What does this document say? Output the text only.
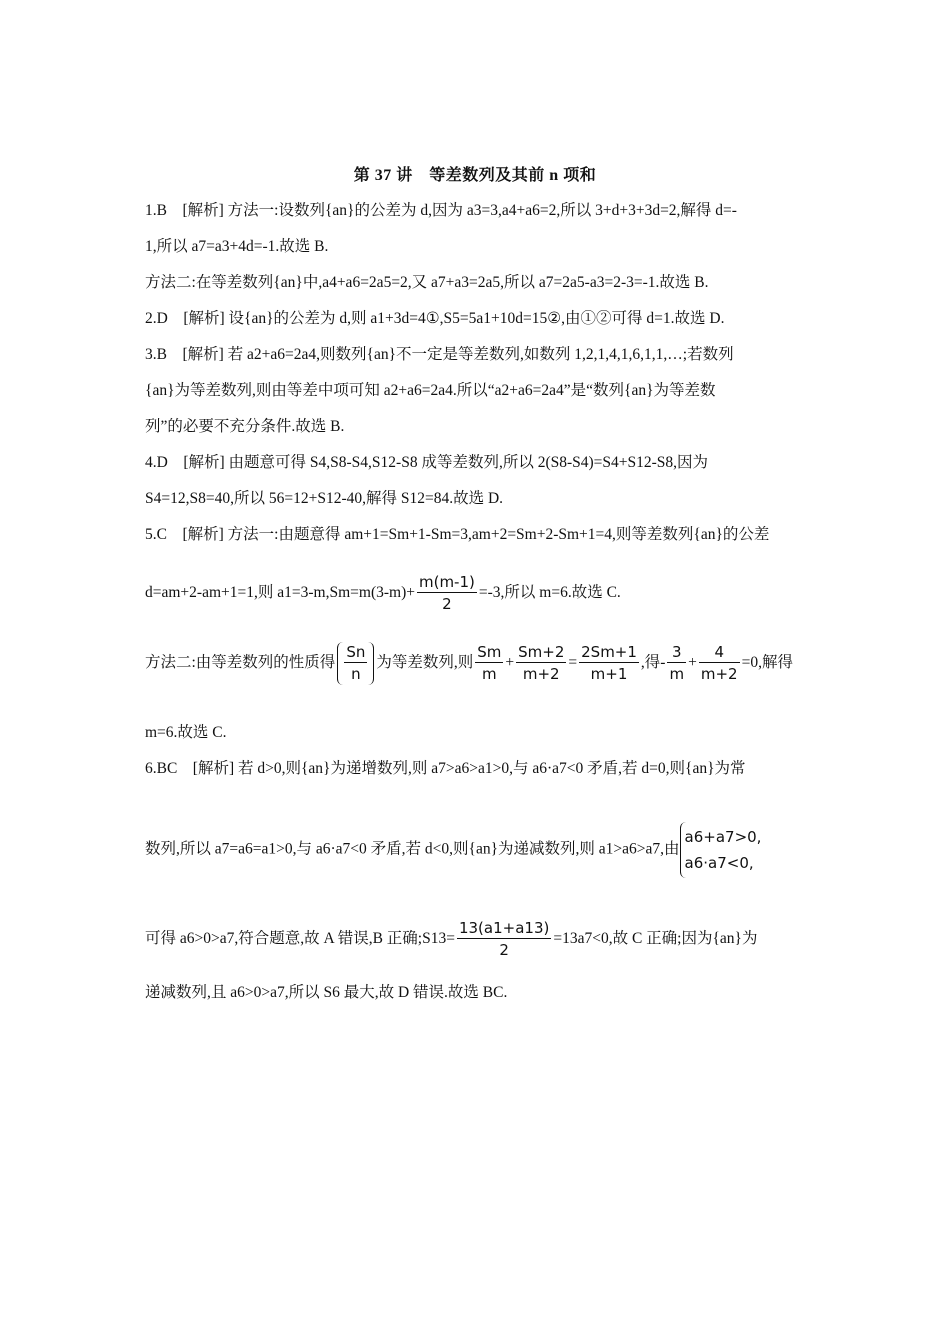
第 37 讲　等差数列及其前 n 项和
1.B　[解析] 方法一:设数列{an}的公差为 d,因为 a3=3,a4+a6=2,所以 3+d+3+3d=2,解得 d=-
1,所以 a7=a3+4d=-1.故选 B.
方法二:在等差数列{an}中,a4+a6=2a5=2,又 a7+a3=2a5,所以 a7=2a5-a3=2-3=-1.故选 B.
2.D　[解析] 设{an}的公差为 d,则 a1+3d=4①,S5=5a1+10d=15②,由①②可得 d=1.故选 D.
3.B　[解析] 若 a2+a6=2a4,则数列{an}不一定是等差数列,如数列 1,2,1,4,1,6,1,1,…;若数列
{an}为等差数列,则由等差中项可知 a2+a6=2a4.所以“a2+a6=2a4”是“数列{an}为等差数
列”的必要不充分条件.故选 B.
4.D　[解析] 由题意可得 S4,S8-S4,S12-S8 成等差数列,所以 2(S8-S4)=S4+S12-S8,因为
S4=12,S8=40,所以 56=12+S12-40,解得 S12=84.故选 D.
5.C　[解析] 方法一:由题意得 am+1=Sm+1-Sm=3,am+2=Sm+2-Sm+1=4,则等差数列{an}的公差
d=am+2-am+1=1,则 $a1=3-m,Sm=m(3-m)+ \frac{m(m-1)}{2} =-3$,所以 m=6.故选 C.
方法二:由等差数列的性质得 $\frac{Sn}{n}$ 为等差数列,则 $\frac{Sm}{m} + \frac{Sm+2}{m+2} = \frac{2Sm+1}{m+1}$ ,得- $\frac{3}{m} + \frac{4}{m+2} =0$,解得
m=6.故选 C.
6.BC　[解析] 若 d>0,则{an}为递增数列,则 a7>a6>a1>0,与 a6·a7<0 矛盾,若 d=0,则{an}为常
数列,所以 a7=a6=a1>0,与 a6·a7<0 矛盾,若 d<0,则{an}为递减数列,则 a1>a6>a7,由
a6+a7>0,
a6·a7<0,
可得 a6>0>a7,符合题意,故 A 错误,B 正确;S13= $\frac{13(a1+a13)}{2} =13a7<0$,故 C 正确;因为{an}为
递减数列,且 a6>0>a7,所以 S6 最大,故 D 错误.故选 BC.
